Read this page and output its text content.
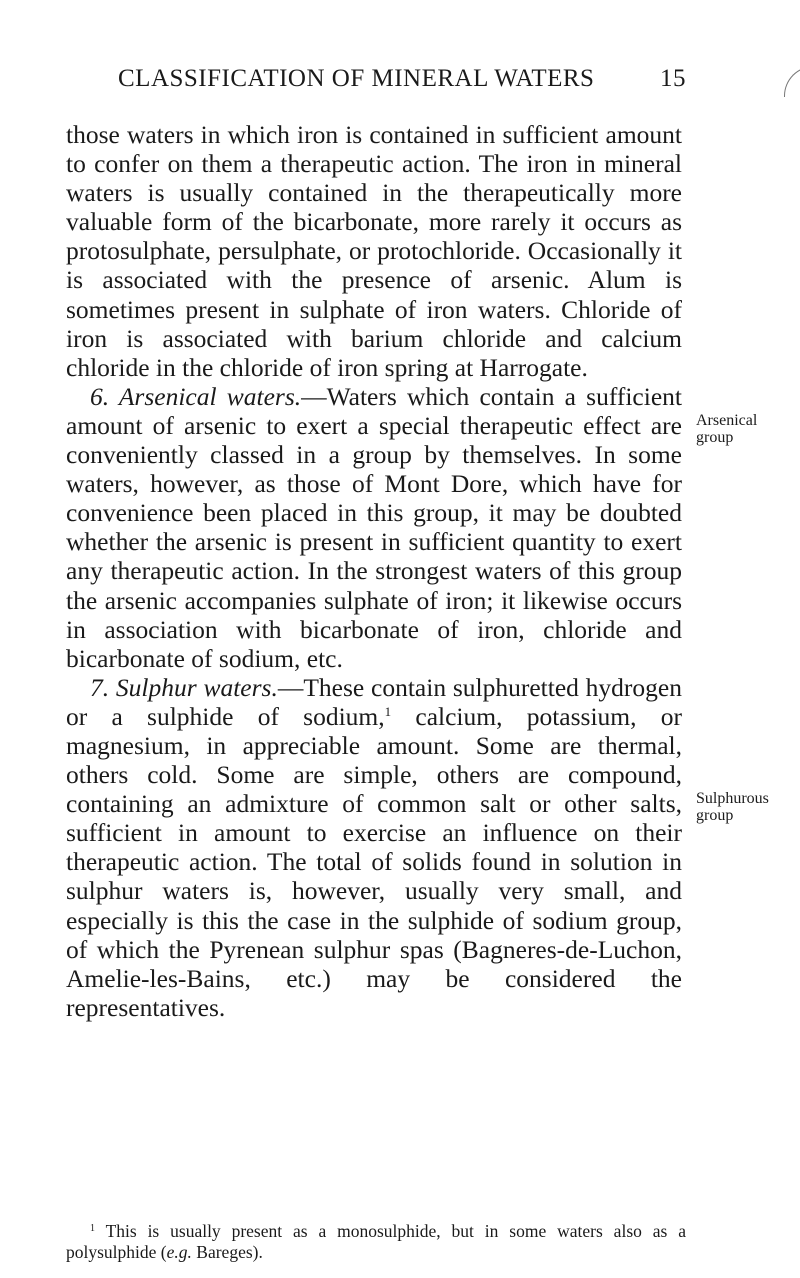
CLASSIFICATION OF MINERAL WATERS	15

those waters in which iron is contained in sufficient amount to confer on them a therapeutic action. The iron in mineral waters is usually contained in the therapeutically more valuable form of the bicarbonate, more rarely it occurs as protosulphate, persulphate, or protochloride. Occasionally it is associated with the presence of arsenic. Alum is sometimes present in sulphate of iron waters. Chloride of iron is associated with barium chloride and calcium chloride in the chloride of iron spring at Harrogate.

6. Arsenical waters.—Waters which contain a sufficient amount of arsenic to exert a special therapeutic effect are conveniently classed in a group by themselves. In some waters, however, as those of Mont Dore, which have for convenience been placed in this group, it may be doubted whether the arsenic is present in sufficient quantity to exert any therapeutic action. In the strongest waters of this group the arsenic accompanies sulphate of iron; it likewise occurs in association with bicarbonate of iron, chloride and bicarbonate of sodium, etc.

7. Sulphur waters.—These contain sulphuretted hydrogen or a sulphide of sodium,$^1$ calcium, potassium, or magnesium, in appreciable amount. Some are thermal, others cold. Some are simple, others are compound, containing an admixture of common salt or other salts, sufficient in amount to exercise an influence on their therapeutic action. The total of solids found in solution in sulphur waters is, however, usually very small, and especially is this the case in the sulphide of sodium group, of which the Pyrenean sulphur spas (Bagneres-de-Luchon, Amelie-les-Bains, etc.) may be considered the representatives.

Arsenical group
Sulphurous group

$^1$ This is usually present as a monosulphide, but in some waters also as a polysulphide (e.g. Bareges).
